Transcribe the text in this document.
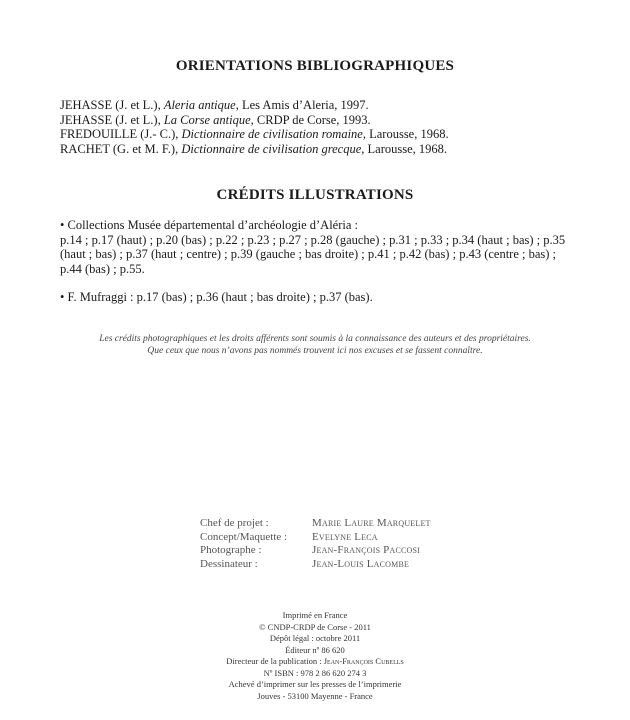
ORIENTATIONS BIBLIOGRAPHIQUES
JEHASSE (J. et L.), Aleria antique, Les Amis d’Aleria, 1997.
JEHASSE (J. et L.), La Corse antique, CRDP de Corse, 1993.
FREDOUILLE (J.- C.), Dictionnaire de civilisation romaine, Larousse, 1968.
RACHET (G. et M. F.), Dictionnaire de civilisation grecque, Larousse, 1968.
CRÉDITS ILLUSTRATIONS

• Collections Musée départemental d’archéologie d’Aléria :

p.14 ; p.17 (haut) ; p.20 (bas) ; p.22 ; p.23 ; p.27 ; p.28 (gauche) ; p.31 ; p.33 ; p.34 (haut ; bas) ; p.35 (haut ; bas) ; p.37 (haut ; centre) ; p.39 (gauche ; bas droite) ; p.41 ; p.42 (bas) ; p.43 (centre ; bas) ; p.44 (bas) ; p.55.

• F. Mufraggi : p.17 (bas) ; p.36 (haut ; bas droite) ; p.37 (bas).

Les crédits photographiques et les droits afférents sont soumis à la connaissance des auteurs et des propriétaires.
Que ceux que nous n’avons pas nommés trouvent ici nos excuses et se fassent connaître.
Chef de projet :	Marie Laure Marquelet
Concept/Maquette :	Evelyne Leca
Photographe :	Jean-François Paccosi
Dessinateur :	Jean-Louis Lacombe
Imprimé en France
© CNDP-CRDP de Corse - 2011
Dépôt légal : octobre 2011
Éditeur nº 86 620
Directeur de la publication : Jean-François Cubells
Nº ISBN : 978 2 86 620 274 3
Achevé d’imprimer sur les presses de l’imprimerie
Jouves - 53100 Mayenne - France
